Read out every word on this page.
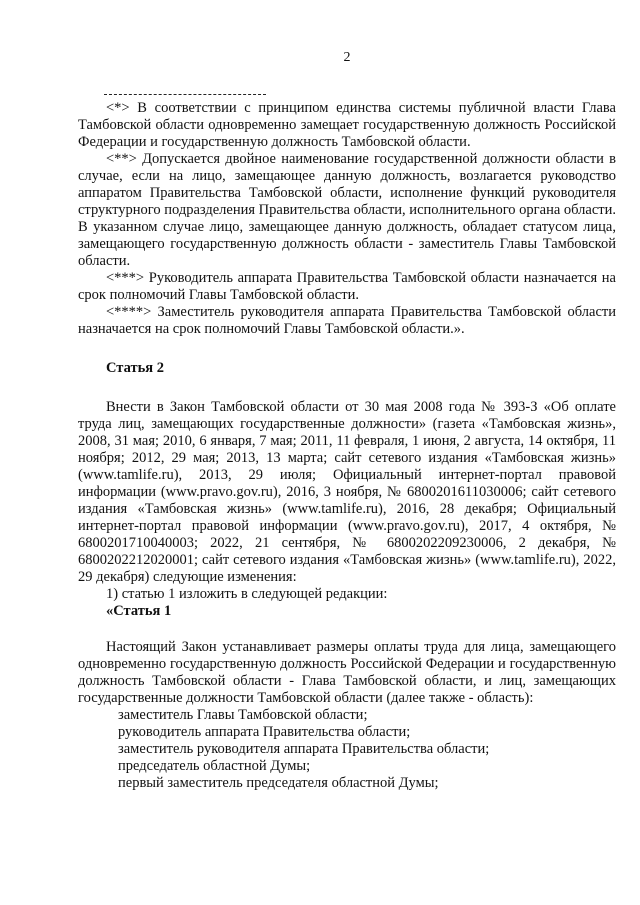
2

<*> В соответствии с принципом единства системы публичной власти Глава Тамбовской области одновременно замещает государственную должность Российской Федерации и государственную должность Тамбовской области.

<**> Допускается двойное наименование государственной должности области в случае, если на лицо, замещающее данную должность, возлагается руководство аппаратом Правительства Тамбовской области, исполнение функций руководителя структурного подразделения Правительства области, исполнительного органа области. В указанном случае лицо, замещающее данную должность, обладает статусом лица, замещающего государственную должность области - заместитель Главы Тамбовской области.

<***> Руководитель аппарата Правительства Тамбовской области назначается на срок полномочий Главы Тамбовской области.

<****> Заместитель руководителя аппарата Правительства Тамбовской области назначается на срок полномочий Главы Тамбовской области.».

Статья 2

Внести в Закон Тамбовской области от 30 мая 2008 года № 393-З «Об оплате труда лиц, замещающих государственные должности» (газета «Тамбовская жизнь», 2008, 31 мая; 2010, 6 января, 7 мая; 2011, 11 февраля, 1 июня, 2 августа, 14 октября, 11 ноября; 2012, 29 мая; 2013, 13 марта; сайт сетевого издания «Тамбовская жизнь» (www.tamlife.ru), 2013, 29 июля; Официальный интернет-портал правовой информации (www.pravo.gov.ru), 2016, 3 ноября, № 6800201611030006; сайт сетевого издания «Тамбовская жизнь» (www.tamlife.ru), 2016, 28 декабря; Официальный интернет-портал правовой информации (www.pravo.gov.ru), 2017, 4 октября, № 6800201710040003; 2022, 21 сентября, № 6800202209230006, 2 декабря, № 6800202212020001; сайт сетевого издания «Тамбовская жизнь» (www.tamlife.ru), 2022, 29 декабря) следующие изменения:

1) статью 1 изложить в следующей редакции:

«Статья 1

Настоящий Закон устанавливает размеры оплаты труда для лица, замещающего одновременно государственную должность Российской Федерации и государственную должность Тамбовской области - Глава Тамбовской области, и лиц, замещающих государственные должности Тамбовской области (далее также - область):

заместитель Главы Тамбовской области;

руководитель аппарата Правительства области;

заместитель руководителя аппарата Правительства области;

председатель областной Думы;

первый заместитель председателя областной Думы;
